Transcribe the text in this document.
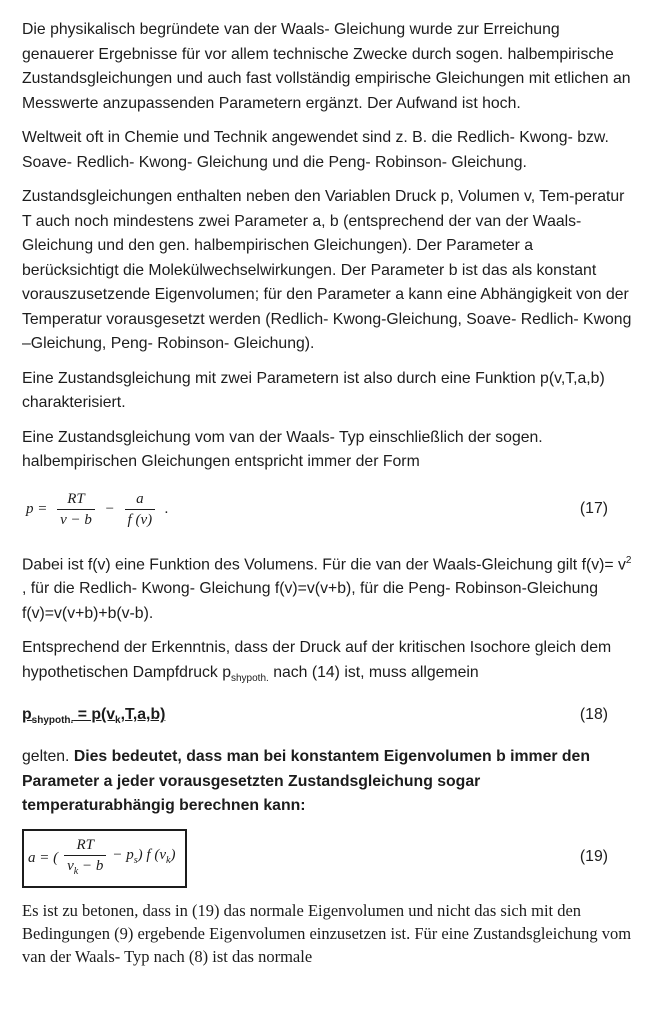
Die physikalisch begründete van der Waals- Gleichung wurde zur Erreichung genauerer Ergebnisse für vor allem technische Zwecke durch sogen. halbempirische Zustandsgleichungen und auch fast vollständig empirische Gleichungen mit etlichen an Messwerte anzupassenden Parametern ergänzt. Der Aufwand ist hoch.

Weltweit oft in Chemie und Technik angewendet sind z. B. die Redlich- Kwong- bzw. Soave- Redlich- Kwong- Gleichung und die Peng- Robinson- Gleichung.

Zustandsgleichungen enthalten neben den Variablen Druck p, Volumen v, Tem-peratur T auch noch mindestens zwei Parameter a, b (entsprechend der van der Waals- Gleichung und den gen. halbempirischen Gleichungen). Der Parameter a berücksichtigt die Molekülwechselwirkungen. Der Parameter b ist das als konstant vorauszusetzende Eigenvolumen; für den Parameter a kann eine Abhängigkeit von der Temperatur vorausgesetzt werden (Redlich- Kwong-Gleichung, Soave- Redlich- Kwong –Gleichung, Peng- Robinson- Gleichung).

Eine Zustandsgleichung mit zwei Parametern ist also durch eine Funktion p(v,T,a,b) charakterisiert.

Eine Zustandsgleichung vom van der Waals- Typ einschließlich der sogen. halbempirischen Gleichungen entspricht immer der Form

$p = \frac{RT}{v - b} - \frac{a}{f (v)}$ .	(17)

Dabei ist f(v) eine Funktion des Volumens. Für die van der Waals-Gleichung gilt $f(v)= v^2$ , für die Redlich- Kwong- Gleichung f(v)=v(v+b), für die Peng- Robinson-Gleichung f(v)=v(v+b)+b(v-b).

Entsprechend der Erkenntnis, dass der Druck auf der kritischen Isochore gleich dem hypothetischen Dampfdruck $p_{shypoth.}$ nach (14) ist, muss allgemein

$p_{shypoth.} = p(v_k,T,a,b)$	(18)

gelten. Dies bedeutet, dass man bei konstantem Eigenvolumen b immer den Parameter a jeder vorausgesetzten Zustandsgleichung sogar temperaturabhängig berechnen kann:

a = ( $\frac{RT}{v_k - b} - p_s$) f $(v_k)$	(19)

Es ist zu betonen, dass in (19) das normale Eigenvolumen und nicht das sich mit den Bedingungen (9) ergebende Eigenvolumen einzusetzen ist. Für eine Zustandsgleichung vom van der Waals- Typ nach (8) ist das normale
